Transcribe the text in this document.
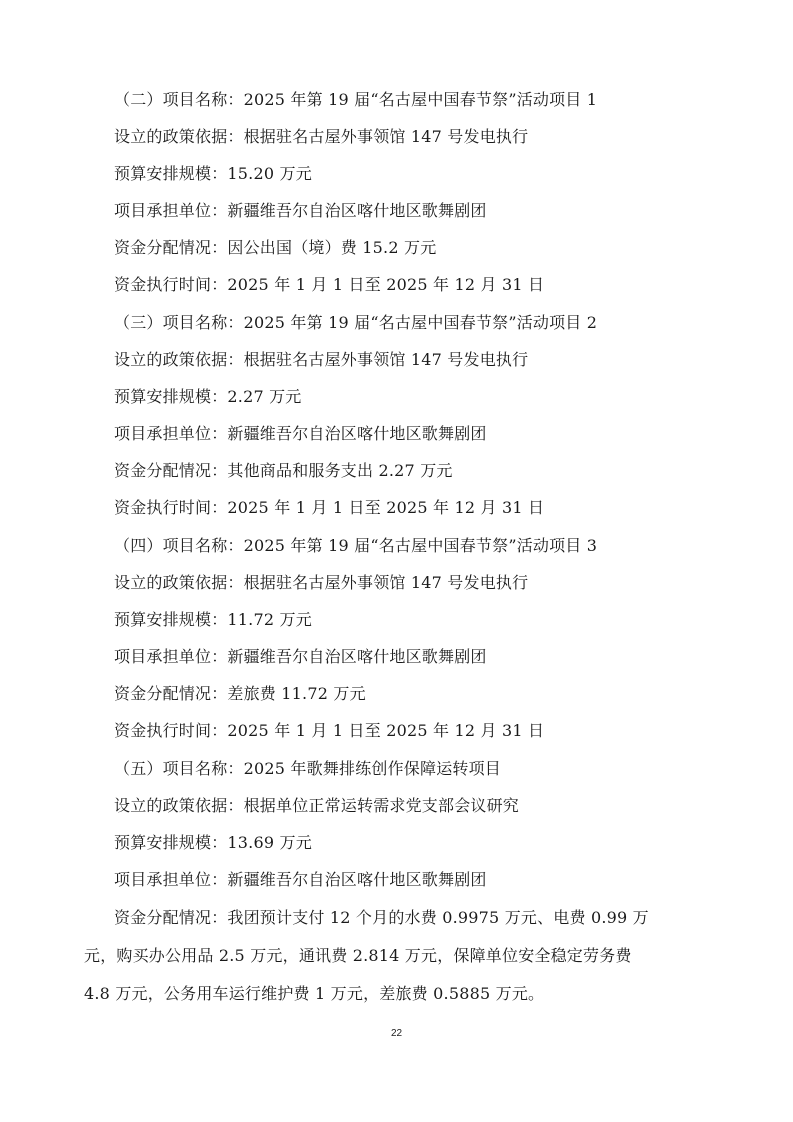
（二）项目名称：2025 年第 19 届“名古屋中国春节祭”活动项目 1
设立的政策依据：根据驻名古屋外事领馆 147 号发电执行
预算安排规模：15.20 万元
项目承担单位：新疆维吾尔自治区喀什地区歌舞剧团
资金分配情况：因公出国（境）费 15.2 万元
资金执行时间：2025 年 1 月 1 日至 2025 年 12 月 31 日
（三）项目名称：2025 年第 19 届“名古屋中国春节祭”活动项目 2
设立的政策依据：根据驻名古屋外事领馆 147 号发电执行
预算安排规模：2.27 万元
项目承担单位：新疆维吾尔自治区喀什地区歌舞剧团
资金分配情况：其他商品和服务支出 2.27 万元
资金执行时间：2025 年 1 月 1 日至 2025 年 12 月 31 日
（四）项目名称：2025 年第 19 届“名古屋中国春节祭”活动项目 3
设立的政策依据：根据驻名古屋外事领馆 147 号发电执行
预算安排规模：11.72 万元
项目承担单位：新疆维吾尔自治区喀什地区歌舞剧团
资金分配情况：差旅费 11.72 万元
资金执行时间：2025 年 1 月 1 日至 2025 年 12 月 31 日
（五）项目名称：2025 年歌舞排练创作保障运转项目
设立的政策依据：根据单位正常运转需求党支部会议研究
预算安排规模：13.69 万元
项目承担单位：新疆维吾尔自治区喀什地区歌舞剧团
资金分配情况：我团预计支付 12 个月的水费 0.9975 万元、电费 0.99 万
元，购买办公用品 2.5 万元，通讯费 2.814 万元，保障单位安全稳定劳务费
4.8 万元，公务用车运行维护费 1 万元，差旅费 0.5885 万元。
22
